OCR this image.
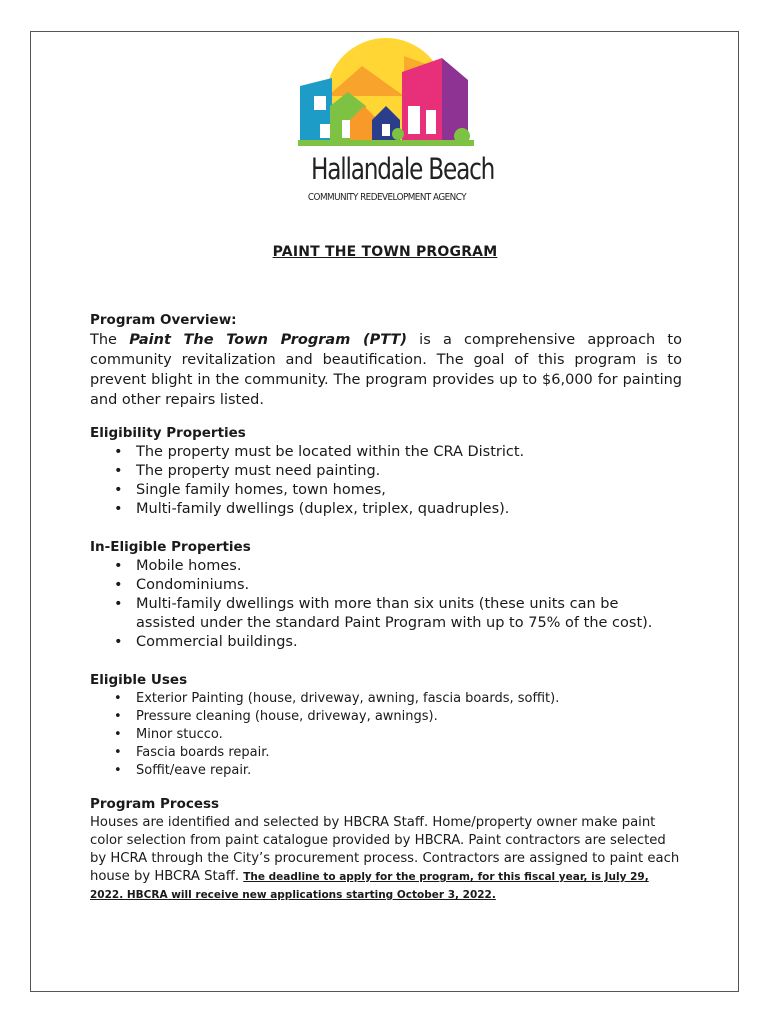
Hallandale Beach
COMMUNITY REDEVELOPMENT AGENCY
PAINT THE TOWN PROGRAM
Program Overview:

The Paint The Town Program (PTT) is a comprehensive approach to community revitalization and beautification. The goal of this program is to prevent blight in the community. The program provides up to $6,000 for painting and other repairs listed.

Eligibility Properties
• The property must be located within the CRA District.
• The property must need painting.
• Single family homes, town homes,
• Multi-family dwellings (duplex, triplex, quadruples).
In-Eligible Properties
• Mobile homes.
• Condominiums.
• Multi-family dwellings with more than six units (these units can be assisted under the standard Paint Program with up to 75% of the cost).
• Commercial buildings.
Eligible Uses
• Exterior Painting (house, driveway, awning, fascia boards, soffit).
• Pressure cleaning (house, driveway, awnings).
• Minor stucco.
• Fascia boards repair.
• Soffit/eave repair.
Program Process

Houses are identified and selected by HBCRA Staff. Home/property owner make paint color selection from paint catalogue provided by HBCRA. Paint contractors are selected by HCRA through the City’s procurement process. Contractors are assigned to paint each house by HBCRA Staff. The deadline to apply for the program, for this fiscal year, is July 29, 2022. HBCRA will receive new applications starting October 3, 2022.
